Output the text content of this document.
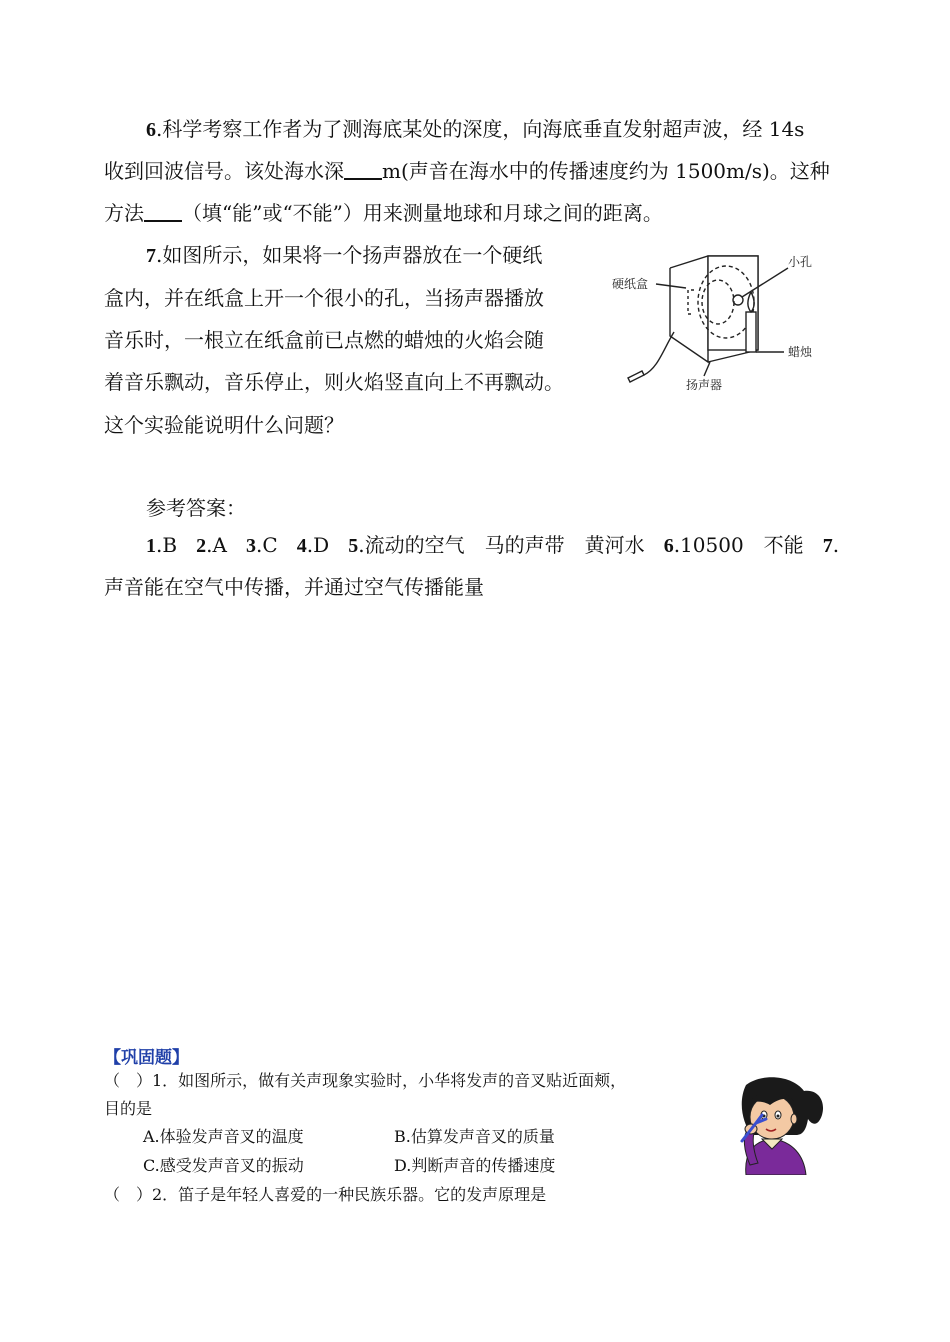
6.科学考察工作者为了测海底某处的深度，向海底垂直发射超声波，经 14s
收到回波信号。该处海水深 m(声音在海水中的传播速度约为 1500m/s)。这种
方法 （填“能”或“不能”）用来测量地球和月球之间的距离。
7.如图所示，如果将一个扬声器放在一个硬纸
盒内，并在纸盒上开一个很小的孔，当扬声器播放
音乐时，一根立在纸盒前已点燃的蜡烛的火焰会随
着音乐飘动，音乐停止，则火焰竖直向上不再飘动。
这个实验能说明什么问题？
硬纸盒
小孔
蜡烛
扬声器
参考答案：
1.B 2.A 3.C 4.D 5.流动的空气　马的声带　黄河水 6.10500　不能 7.
声音能在空气中传播，并通过空气传播能量
【巩固题】
（　）1．如图所示，做有关声现象实验时，小华将发声的音叉贴近面颊，
目的是
A.体验发声音叉的温度	B.估算发声音叉的质量
C.感受发声音叉的振动	D.判断声音的传播速度
（　）2．笛子是年轻人喜爱的一种民族乐器。它的发声原理是
